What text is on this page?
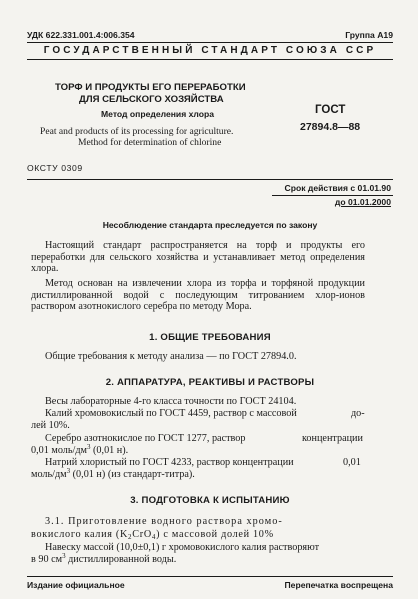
УДК 622.331.001.4:006.354	Группа А19
ГОСУДАРСТВЕННЫЙ СТАНДАРТ СОЮЗА ССР
ТОРФ И ПРОДУКТЫ ЕГО ПЕРЕРАБОТКИ
ДЛЯ СЕЛЬСКОГО ХОЗЯЙСТВА
Метод определения хлора
Peat and products of its processing for agriculture.
Method for determination of chlorine
ГОСТ
27894.8—88
ОКСТУ 0309
Срок действия с 01.01.90
до 01.01.2000
Несоблюдение стандарта преследуется по закону
Настоящий стандарт распространяется на торф и продукты его переработки для сельского хозяйства и устанавливает метод определения хлора.
Метод основан на извлечении хлора из торфа и торфяной продукции дистиллированной водой с последующим титрованием хлор-ионов раствором азотнокислого серебра по методу Мора.
1. ОБЩИЕ ТРЕБОВАНИЯ
Общие требования к методу анализа — по ГОСТ 27894.0.
2. АППАРАТУРА, РЕАКТИВЫ И РАСТВОРЫ
Весы лабораторные 4-го класса точности по ГОСТ 24104.
Калий хромовокислый по ГОСТ 4459, раствор с массовой	до-
лей 10%.
Серебро азотнокислое по ГОСТ 1277, раствор	концентрации
0,01 моль/$дм^3$ (0,01 н).
Натрий хлористый по ГОСТ 4233, раствор концентрации	0,01
моль/$дм^3$ (0,01 н) (из стандарт-титра).
3. ПОДГОТОВКА К ИСПЫТАНИЮ
3.1. Приготовление водного раствора хромо-
вокислого калия $(K_2CrO_4)$ с массовой долей 10%
Навеску массой (10,0±0,1) г хромовокислого калия растворяют
в 90 $см^3$ дистиллированной воды.
Издание официальное	Перепечатка воспрещена
